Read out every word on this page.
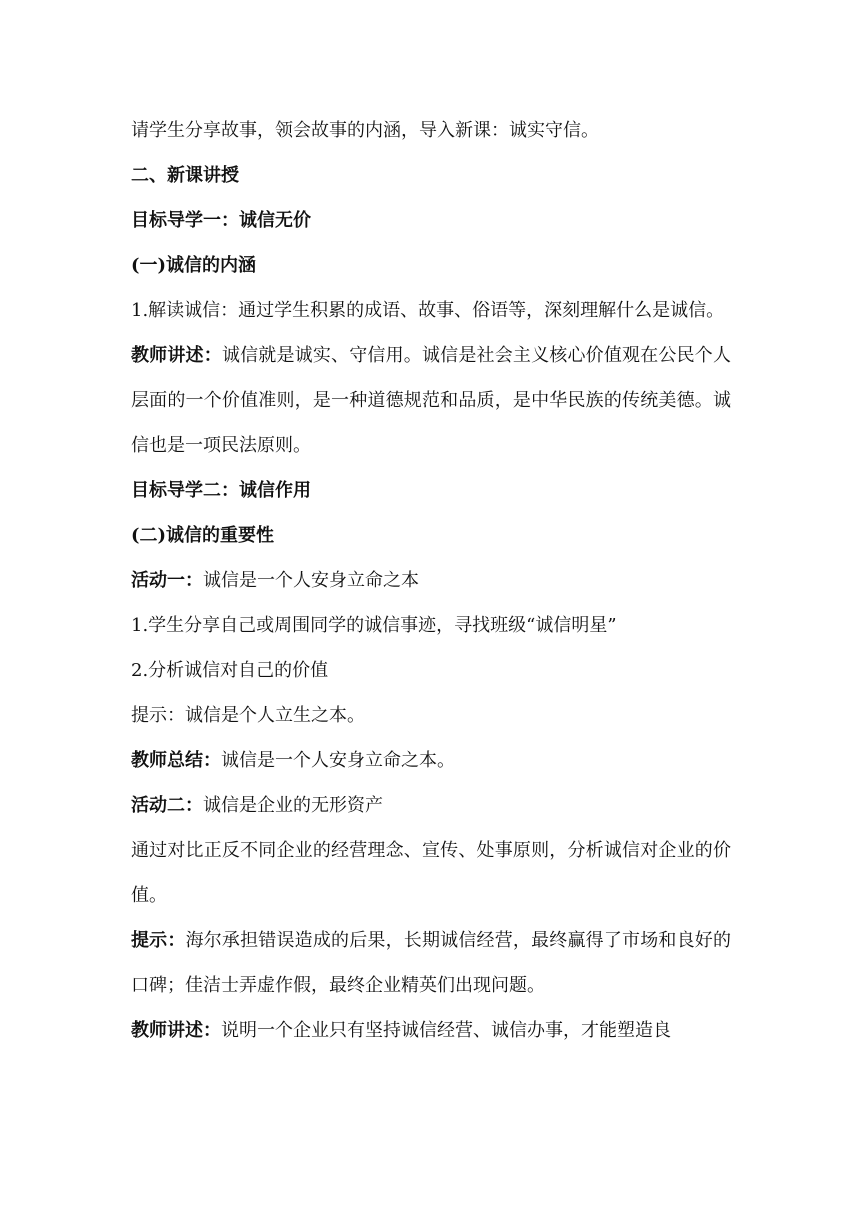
请学生分享故事，领会故事的内涵，导入新课：诚实守信。

二、新课讲授

目标导学一：诚信无价

(一)诚信的内涵

1.解读诚信：通过学生积累的成语、故事、俗语等，深刻理解什么是诚信。

教师讲述：诚信就是诚实、守信用。诚信是社会主义核心价值观在公民个人层面的一个价值准则，是一种道德规范和品质，是中华民族的传统美德。诚信也是一项民法原则。

目标导学二：诚信作用

(二)诚信的重要性

活动一：诚信是一个人安身立命之本

1.学生分享自己或周围同学的诚信事迹，寻找班级“诚信明星”

2.分析诚信对自己的价值

提示：诚信是个人立生之本。

教师总结：诚信是一个人安身立命之本。

活动二：诚信是企业的无形资产

通过对比正反不同企业的经营理念、宣传、处事原则，分析诚信对企业的价值。

提示：海尔承担错误造成的后果，长期诚信经营，最终赢得了市场和良好的口碑；佳洁士弄虚作假，最终企业精英们出现问题。

教师讲述：说明一个企业只有坚持诚信经营、诚信办事，才能塑造良
